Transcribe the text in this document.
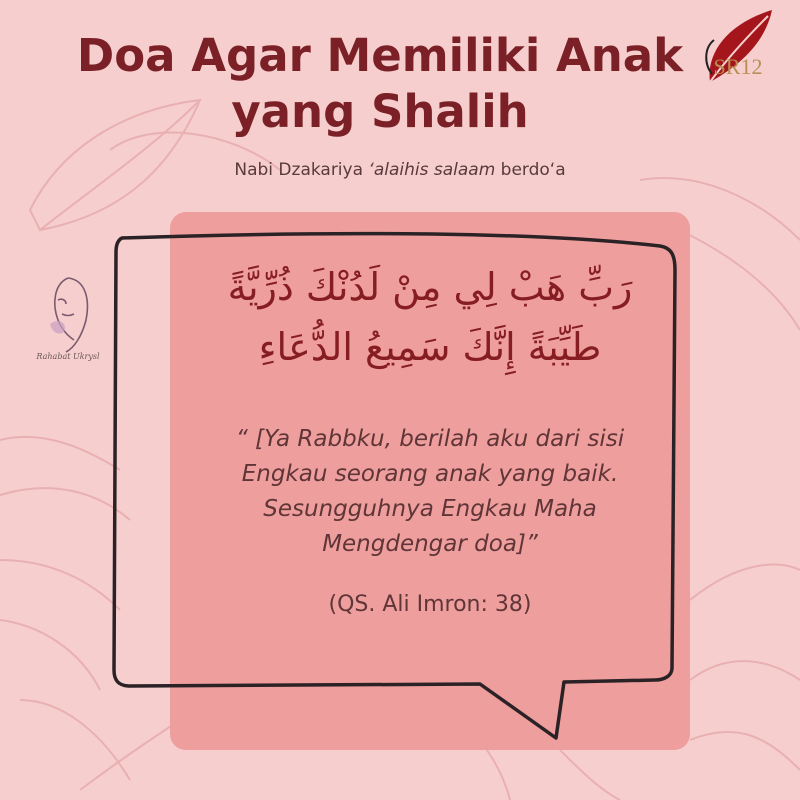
Doa Agar Memiliki Anak
yang Shalih
Nabi Dzakariya ‘alaihis salaam berdo‘a
SR12
Rahabat Ukrysl
رَبِّ هَبْ لِي مِنْ لَدُنْكَ ذُرِّيَّةً
طَيِّبَةً إِنَّكَ سَمِيعُ الدُّعَاءِ
“ [Ya Rabbku, berilah aku dari sisi
Engkau seorang anak yang baik.
Sesungguhnya Engkau Maha
Mengdengar doa]”
(QS. Ali Imron: 38)
